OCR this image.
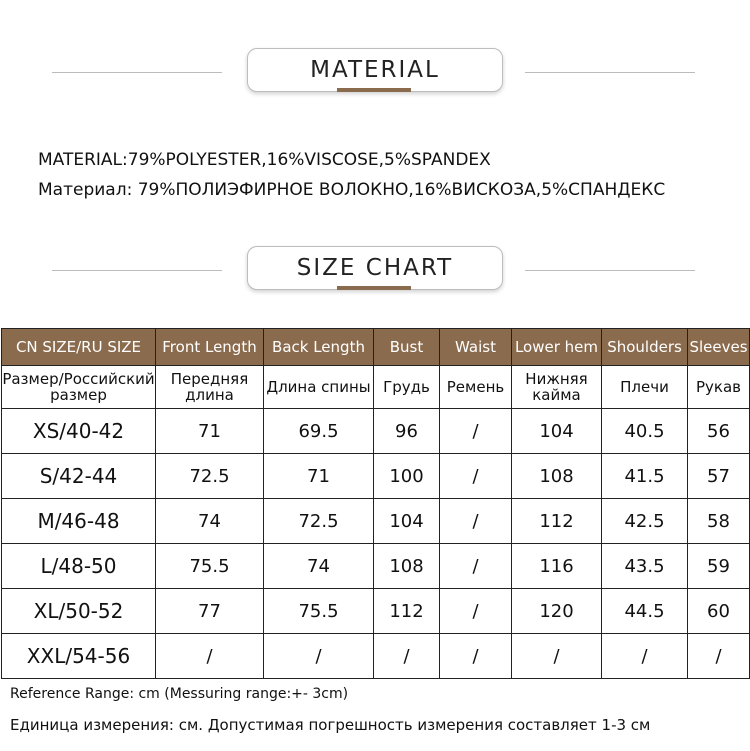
MATERIAL
MATERIAL:79%POLYESTER,16%VISCOSE,5%SPANDEX
Материал: 79%ПОЛИЭФИРНОЕ ВОЛОКНО,16%ВИСКОЗА,5%СПАНДЕКС
SIZE CHART
CN SIZE/RU SIZE	Front Length	Back Length	Bust	Waist	Lower hem	Shoulders	Sleeves
Размер/Российский размер	Передняя длина	Длина спины	Грудь	Ремень	Нижняя кайма	Плечи	Рукав
XS/40-42	71	69.5	96	/	104	40.5	56
S/42-44	72.5	71	100	/	108	41.5	57
M/46-48	74	72.5	104	/	112	42.5	58
L/48-50	75.5	74	108	/	116	43.5	59
XL/50-52	77	75.5	112	/	120	44.5	60
XXL/54-56	/	/	/	/	/	/	/
Reference Range: cm (Messuring range:+- 3cm)
Единица измерения: см. Допустимая погрешность измерения составляет 1-3 см
